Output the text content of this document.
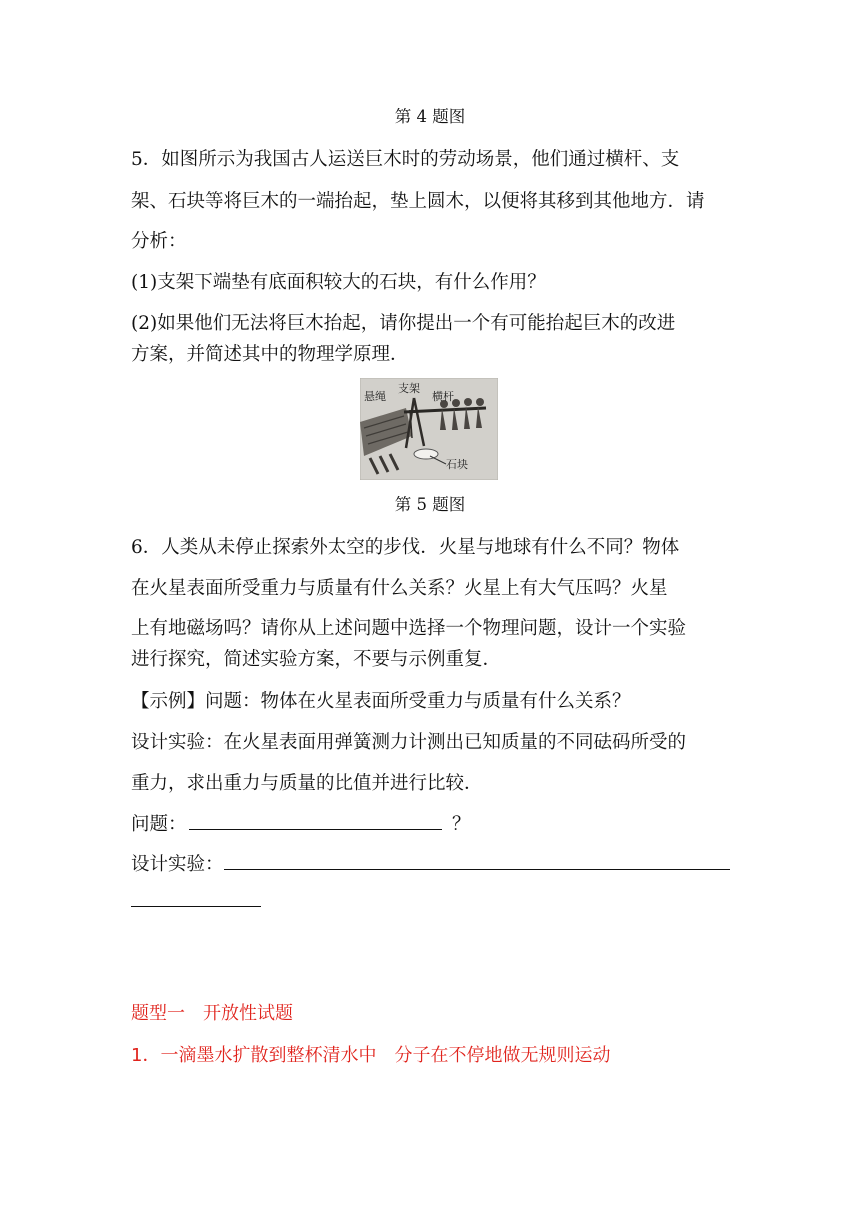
第 4 题图
5．如图所示为我国古人运送巨木时的劳动场景，他们通过横杆、支
架、石块等将巨木的一端抬起，垫上圆木，以便将其移到其他地方．请
分析：
(1)支架下端垫有底面积较大的石块，有什么作用？
(2)如果他们无法将巨木抬起，请你提出一个有可能抬起巨木的改进
方案，并简述其中的物理学原理．
悬绳
支架
横杆
石块
第 5 题图
6．人类从未停止探索外太空的步伐．火星与地球有什么不同？物体
在火星表面所受重力与质量有什么关系？火星上有大气压吗？火星
上有地磁场吗？请你从上述问题中选择一个物理问题，设计一个实验
进行探究，简述实验方案，不要与示例重复．
【示例】问题：物体在火星表面所受重力与质量有什么关系？
设计实验：在火星表面用弹簧测力计测出已知质量的不同砝码所受的
重力，求出重力与质量的比值并进行比较．
问题：	？
设计实验：
题型一　开放性试题
1．一滴墨水扩散到整杯清水中　分子在不停地做无规则运动
